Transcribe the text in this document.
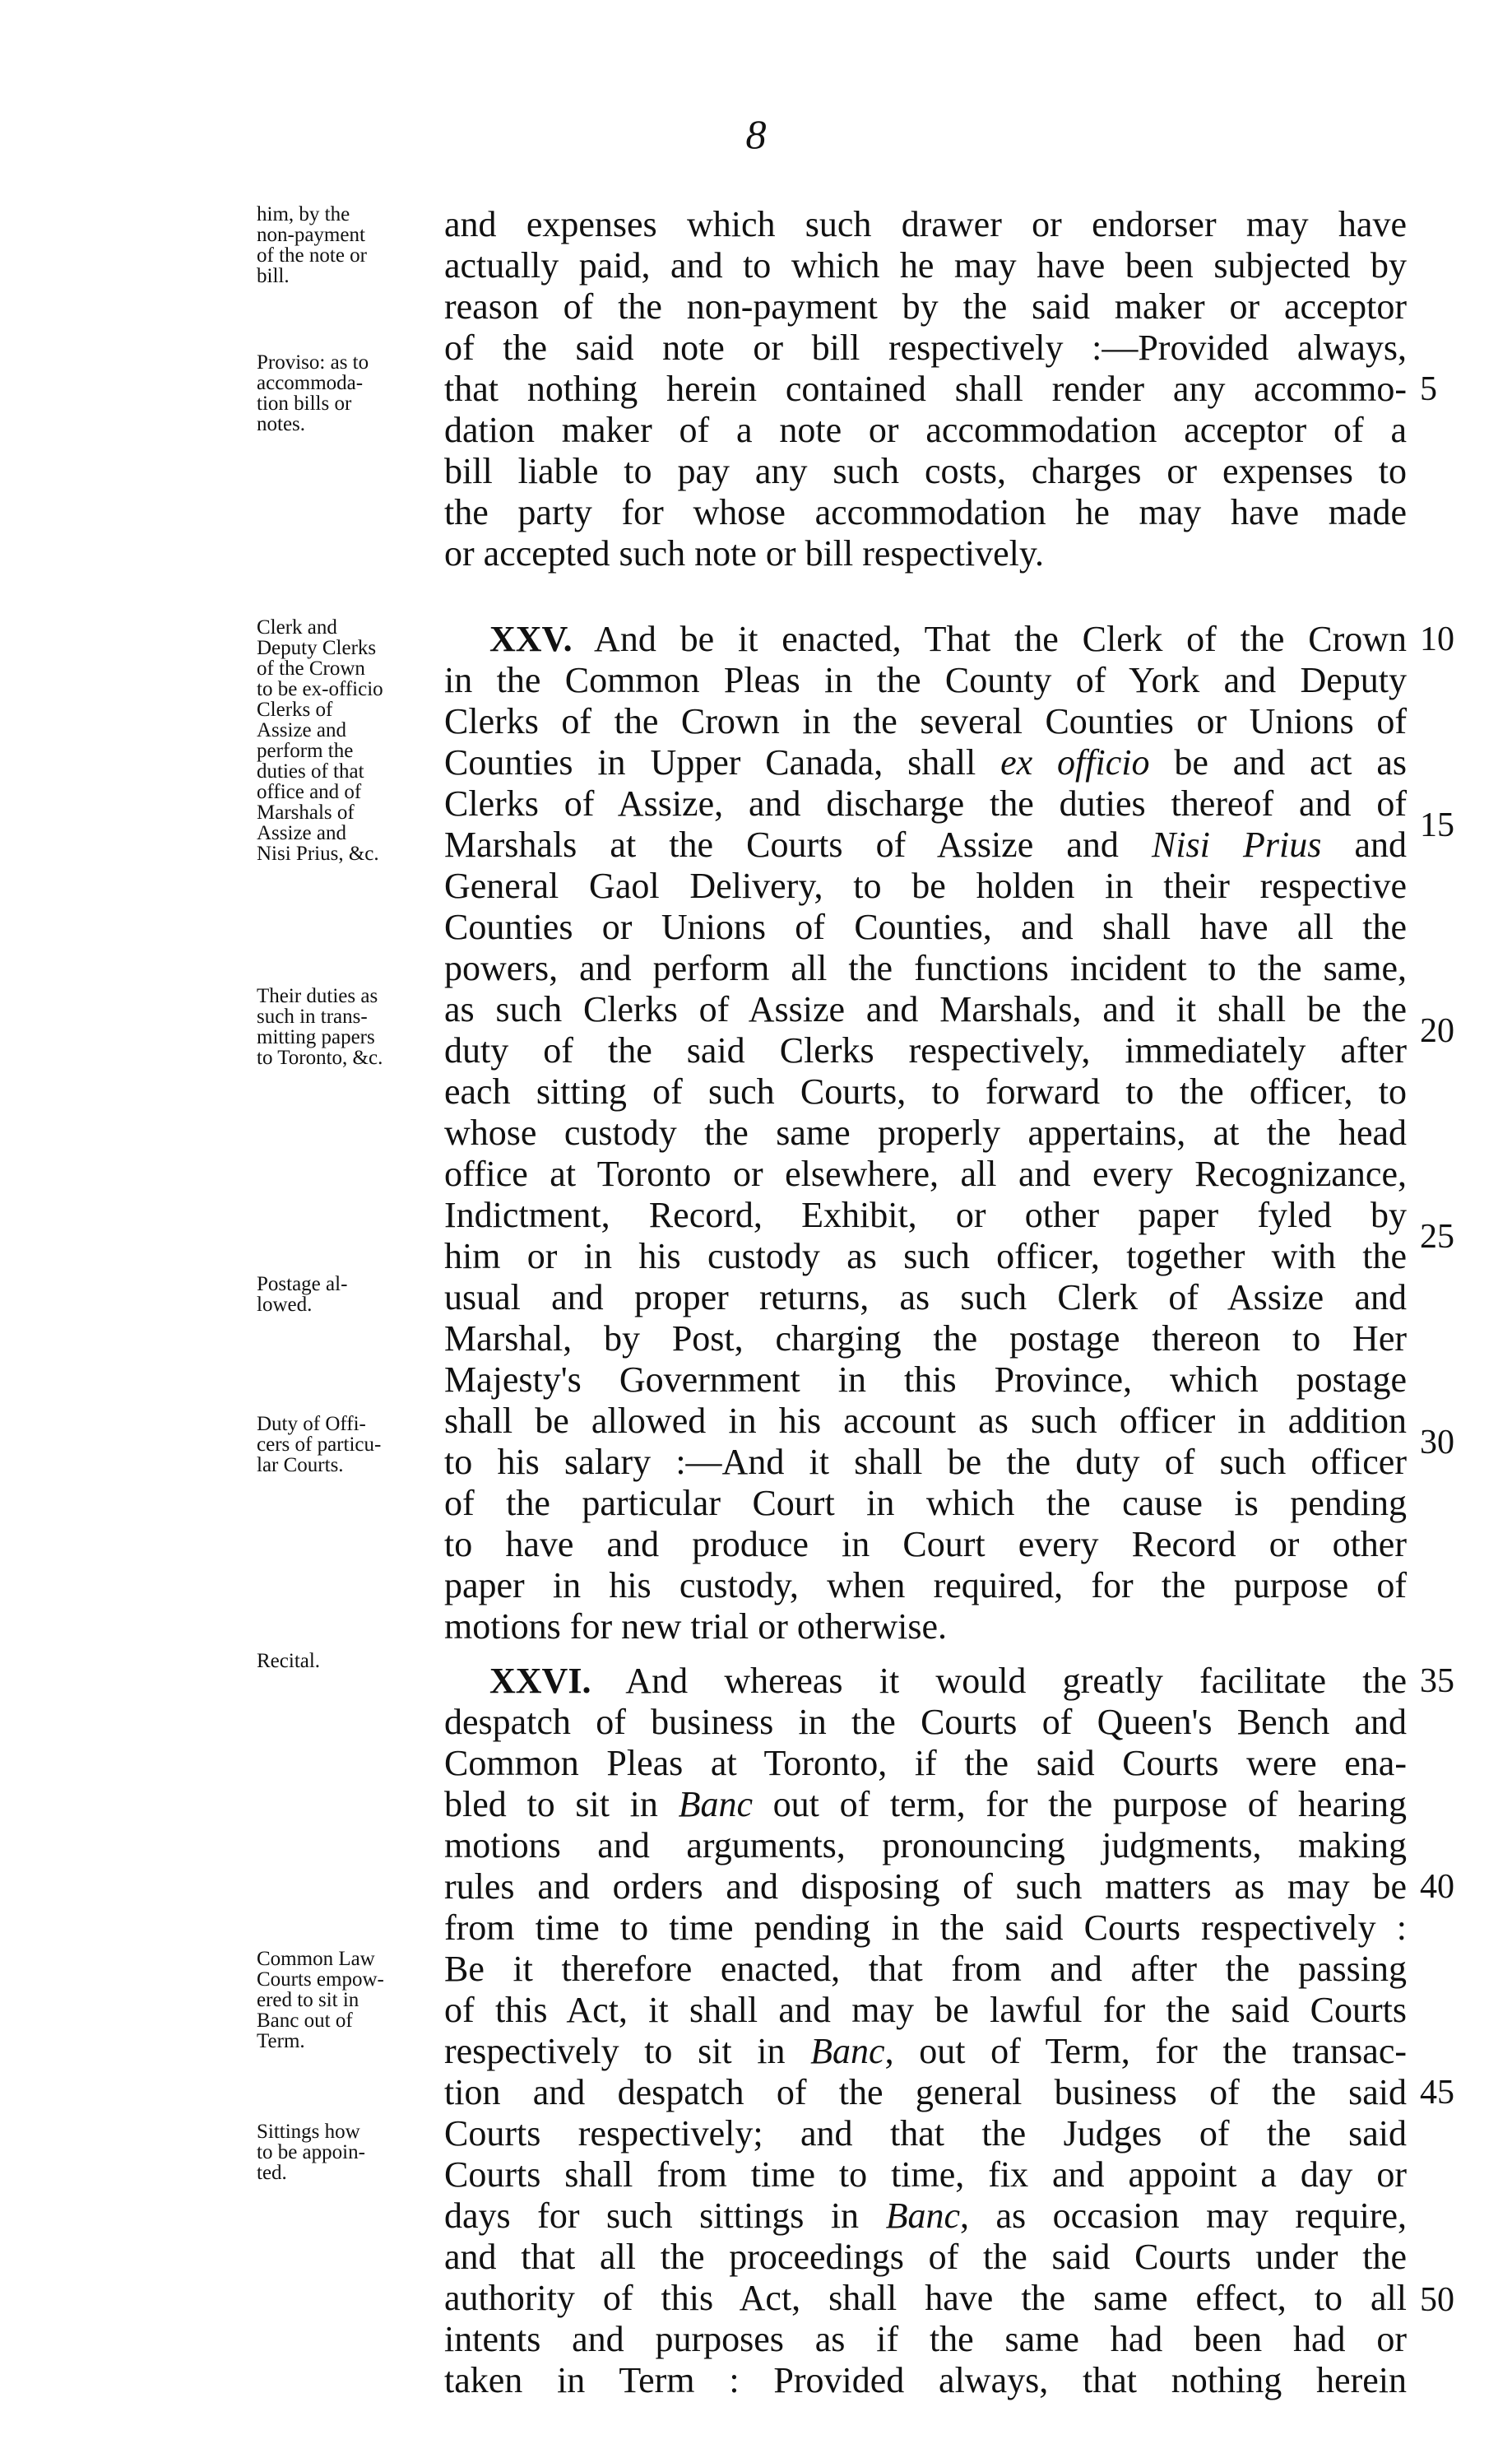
8
him, by the
non-payment
of the note or
bill.
Proviso: as to
accommoda-
tion bills or
notes.
Clerk and
Deputy Clerks
of the Crown
to be ex-officio
Clerks of
Assize and
perform the
duties of that
office and of
Marshals of
Assize and
Nisi Prius, &c.
Their duties as
such in trans-
mitting papers
to Toronto, &c.
Postage al-
lowed.
Duty of Offi-
cers of particu-
lar Courts.
Recital.
Common Law
Courts empow-
ered to sit in
Banc out of
Term.
Sittings how
to be appoin-
ted.
5
10
15
20
25
30
35
40
45
50
and expenses which such drawer or endorser may have
actually paid, and to which he may have been subjected by
reason of the non-payment by the said maker or acceptor
of the said note or bill respectively :—Provided always,
that nothing herein contained shall render any accommo-
dation maker of a note or accommodation acceptor of a
bill liable to pay any such costs, charges or expenses to
the party for whose accommodation he may have made
or accepted such note or bill respectively.
XXV. And be it enacted, That the Clerk of the Crown
in the Common Pleas in the County of York and Deputy
Clerks of the Crown in the several Counties or Unions of
Counties in Upper Canada, shall ex officio be and act as
Clerks of Assize, and discharge the duties thereof and of
Marshals at the Courts of Assize and Nisi Prius and
General Gaol Delivery, to be holden in their respective
Counties or Unions of Counties, and shall have all the
powers, and perform all the functions incident to the same,
as such Clerks of Assize and Marshals, and it shall be the
duty of the said Clerks respectively, immediately after
each sitting of such Courts, to forward to the officer, to
whose custody the same properly appertains, at the head
office at Toronto or elsewhere, all and every Recognizance,
Indictment, Record, Exhibit, or other paper fyled by
him or in his custody as such officer, together with the
usual and proper returns, as such Clerk of Assize and
Marshal, by Post, charging the postage thereon to Her
Majesty's Government in this Province, which postage
shall be allowed in his account as such officer in addition
to his salary :—And it shall be the duty of such officer
of the particular Court in which the cause is pending
to have and produce in Court every Record or other
paper in his custody, when required, for the purpose of
motions for new trial or otherwise.
XXVI. And whereas it would greatly facilitate the
despatch of business in the Courts of Queen's Bench and
Common Pleas at Toronto, if the said Courts were ena-
bled to sit in Banc out of term, for the purpose of hearing
motions and arguments, pronouncing judgments, making
rules and orders and disposing of such matters as may be
from time to time pending in the said Courts respectively :
Be it therefore enacted, that from and after the passing
of this Act, it shall and may be lawful for the said Courts
respectively to sit in Banc, out of Term, for the transac-
tion and despatch of the general business of the said
Courts respectively; and that the Judges of the said
Courts shall from time to time, fix and appoint a day or
days for such sittings in Banc, as occasion may require,
and that all the proceedings of the said Courts under the
authority of this Act, shall have the same effect, to all
intents and purposes as if the same had been had or
taken in Term : Provided always, that nothing herein
